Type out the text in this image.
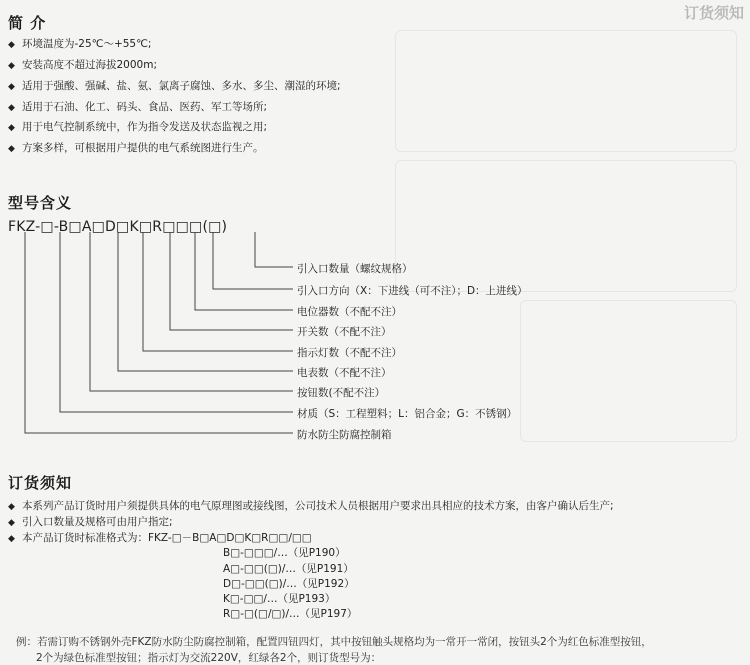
订货须知
简 介
◆ 环境温度为-25℃～+55℃;
◆ 安装高度不超过海拔2000m;
◆ 适用于强酸、强碱、盐、氨、氯离子腐蚀、多水、多尘、潮湿的环境;
◆ 适用于石油、化工、码头、食品、医药、军工等场所;
◆ 用于电气控制系统中，作为指令发送及状态监视之用;
◆ 方案多样，可根据用户提供的电气系统图进行生产。
型号含义
FKZ-□-B□A□D□K□R□□□(□)
引入口数量（螺纹规格）
引入口方向（X：下进线（可不注）；D：上进线）
电位器数（不配不注）
开关数（不配不注）
指示灯数（不配不注）
电表数（不配不注）
按钮数(不配不注）
材质（S：工程塑料；L：铝合金；G：不锈钢）
防水防尘防腐控制箱
订货须知
◆ 本系列产品订货时用户须提供具体的电气原理图或接线图，公司技术人员根据用户要求出具相应的技术方案，由客户确认后生产;
◆ 引入口数量及规格可由用户指定;
◆ 本产品订货时标准格式为：FKZ-□－B□A□D□K□R□□/□□
B□-□□□/…（见P190）
A□-□□(□)/…（见P191）
D□-□□(□)/…（见P192）
K□-□□/…（见P193）
R□-□(□/□)/…（见P197）
例：若需订购不锈钢外壳FKZ防水防尘防腐控制箱，配置四钮四灯，其中按钮触头规格均为一常开一常闭，按钮头2个为红色标准型按钮，
2个为绿色标准型按钮；指示灯为交流220V，红绿各2个，则订货型号为：
